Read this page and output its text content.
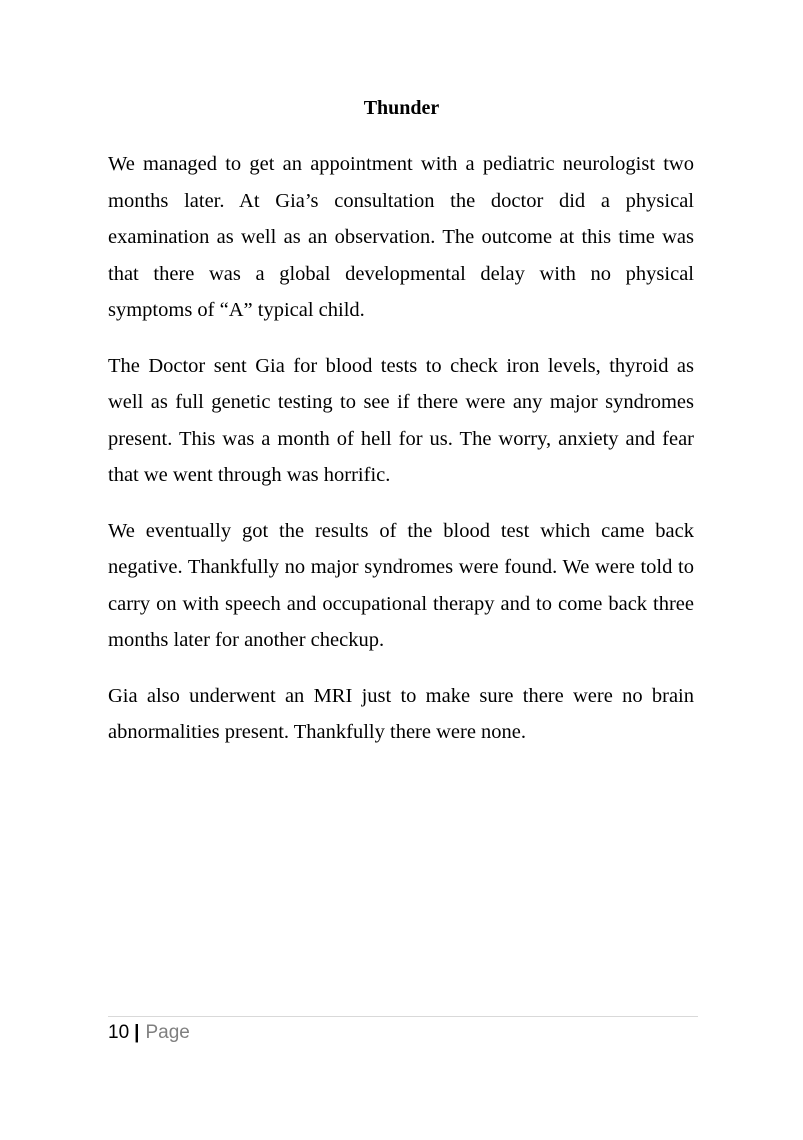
Thunder

We managed to get an appointment with a pediatric neurologist two months later. At Gia’s consultation the doctor did a physical examination as well as an observation. The outcome at this time was that there was a global developmental delay with no physical symptoms of “A” typical child.

The Doctor sent Gia for blood tests to check iron levels, thyroid as well as full genetic testing to see if there were any major syndromes present. This was a month of hell for us. The worry, anxiety and fear that we went through was horrific.

We eventually got the results of the blood test which came back negative. Thankfully no major syndromes were found. We were told to carry on with speech and occupational therapy and to come back three months later for another checkup.

Gia also underwent an MRI just to make sure there were no brain abnormalities present. Thankfully there were none.

10 | Page
